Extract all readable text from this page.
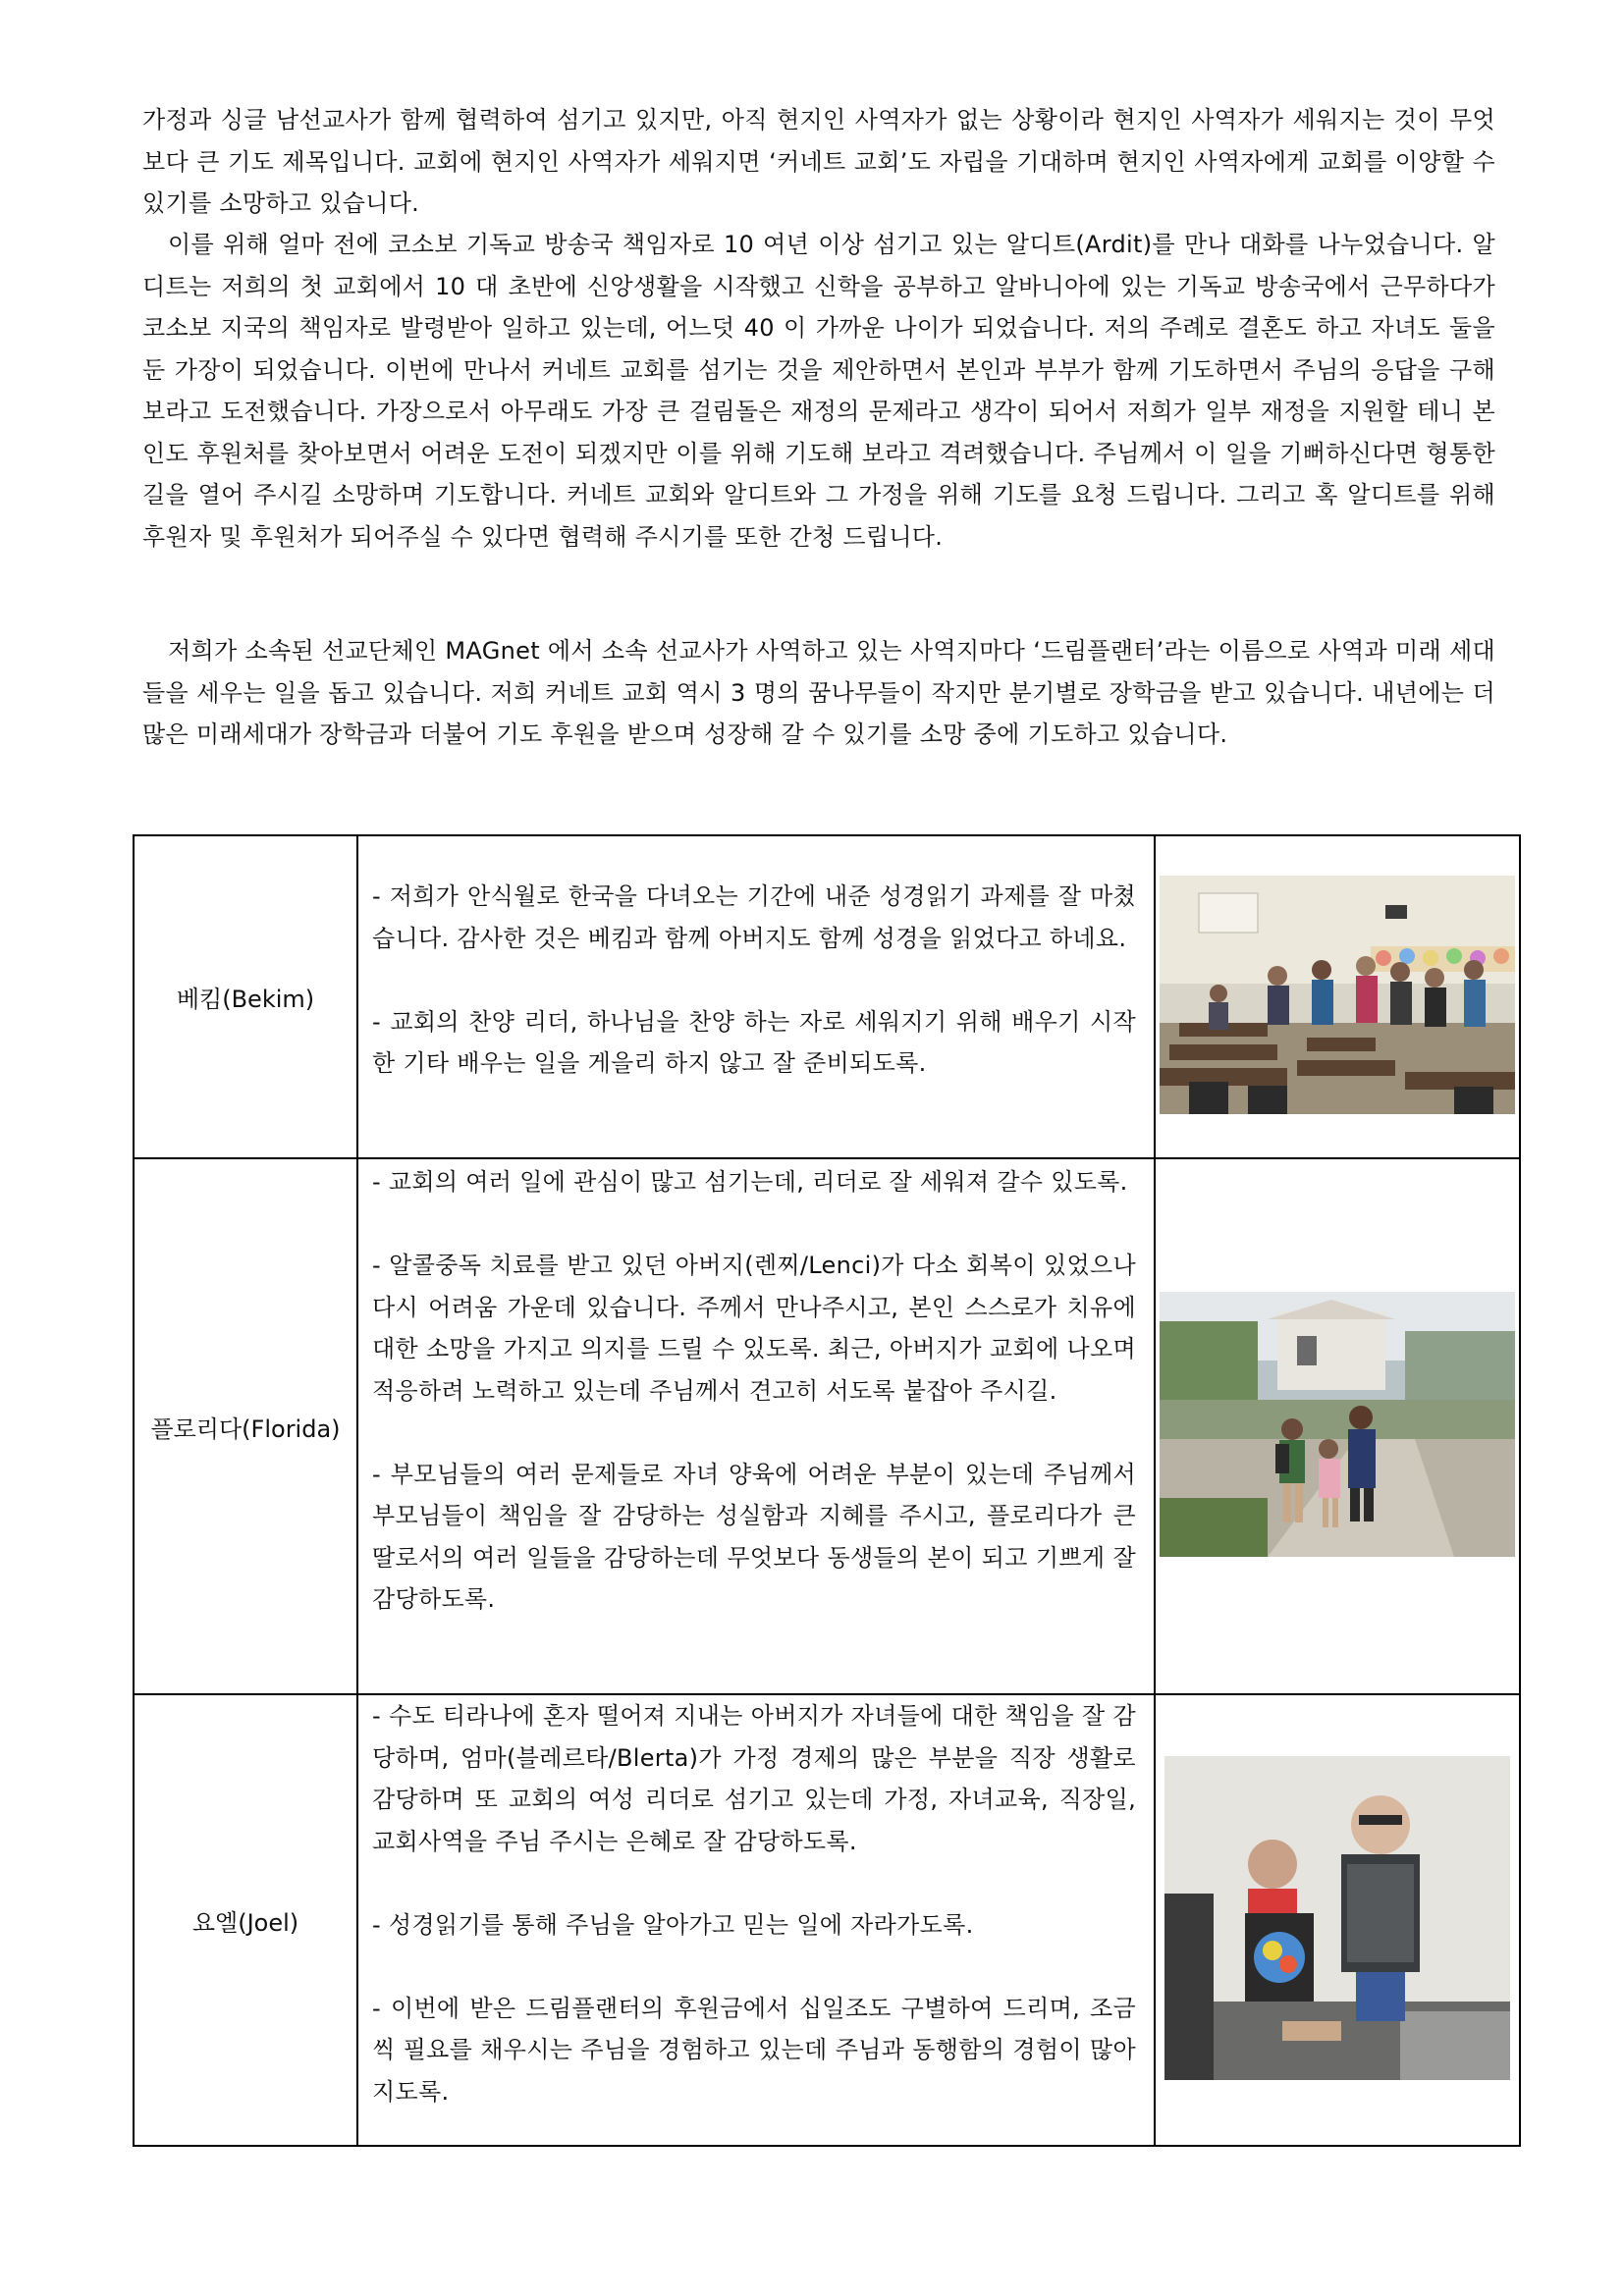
가정과 싱글 남선교사가 함께 협력하여 섬기고 있지만, 아직 현지인 사역자가 없는 상황이라 현지인 사역자가 세워지는 것이 무엇보다 큰 기도 제목입니다. 교회에 현지인 사역자가 세워지면 ‘커네트 교회’도 자립을 기대하며 현지인 사역자에게 교회를 이양할 수 있기를 소망하고 있습니다.

이를 위해 얼마 전에 코소보 기독교 방송국 책임자로 10 여년 이상 섬기고 있는 알디트(Ardit)를 만나 대화를 나누었습니다. 알디트는 저희의 첫 교회에서 10 대 초반에 신앙생활을 시작했고 신학을 공부하고 알바니아에 있는 기독교 방송국에서 근무하다가 코소보 지국의 책임자로 발령받아 일하고 있는데, 어느덧 40 이 가까운 나이가 되었습니다. 저의 주례로 결혼도 하고 자녀도 둘을 둔 가장이 되었습니다. 이번에 만나서 커네트 교회를 섬기는 것을 제안하면서 본인과 부부가 함께 기도하면서 주님의 응답을 구해보라고 도전했습니다. 가장으로서 아무래도 가장 큰 걸림돌은 재정의 문제라고 생각이 되어서 저희가 일부 재정을 지원할 테니 본인도 후원처를 찾아보면서 어려운 도전이 되겠지만 이를 위해 기도해 보라고 격려했습니다. 주님께서 이 일을 기뻐하신다면 형통한 길을 열어 주시길 소망하며 기도합니다. 커네트 교회와 알디트와 그 가정을 위해 기도를 요청 드립니다. 그리고 혹 알디트를 위해 후원자 및 후원처가 되어주실 수 있다면 협력해 주시기를 또한 간청 드립니다.

저희가 소속된 선교단체인 MAGnet 에서 소속 선교사가 사역하고 있는 사역지마다 ‘드림플랜터’라는 이름으로 사역과 미래 세대들을 세우는 일을 돕고 있습니다. 저희 커네트 교회 역시 3 명의 꿈나무들이 작지만 분기별로 장학금을 받고 있습니다. 내년에는 더 많은 미래세대가 장학금과 더불어 기도 후원을 받으며 성장해 갈 수 있기를 소망 중에 기도하고 있습니다.

베킴(Bekim)	- 저희가 안식월로 한국을 다녀오는 기간에 내준 성경읽기 과제를 잘 마쳤습니다. 감사한 것은 베킴과 함께 아버지도 함께 성경을 읽었다고 하네요.

- 교회의 찬양 리더, 하나님을 찬양 하는 자로 세워지기 위해 배우기 시작한 기타 배우는 일을 게을리 하지 않고 잘 준비되도록.

플로리다(Florida)	- 교회의 여러 일에 관심이 많고 섬기는데, 리더로 잘 세워져 갈수 있도록.

- 알콜중독 치료를 받고 있던 아버지(렌찌/Lenci)가 다소 회복이 있었으나 다시 어려움 가운데 있습니다. 주께서 만나주시고, 본인 스스로가 치유에 대한 소망을 가지고 의지를 드릴 수 있도록. 최근, 아버지가 교회에 나오며 적응하려 노력하고 있는데 주님께서 견고히 서도록 붙잡아 주시길.

- 부모님들의 여러 문제들로 자녀 양육에 어려운 부분이 있는데 주님께서 부모님들이 책임을 잘 감당하는 성실함과 지혜를 주시고, 플로리다가 큰 딸로서의 여러 일들을 감당하는데 무엇보다 동생들의 본이 되고 기쁘게 잘 감당하도록.

요엘(Joel)	- 수도 티라나에 혼자 떨어져 지내는 아버지가 자녀들에 대한 책임을 잘 감당하며, 엄마(블레르타/Blerta)가 가정 경제의 많은 부분을 직장 생활로 감당하며 또 교회의 여성 리더로 섬기고 있는데 가정, 자녀교육, 직장일, 교회사역을 주님 주시는 은혜로 잘 감당하도록.

- 성경읽기를 통해 주님을 알아가고 믿는 일에 자라가도록.

- 이번에 받은 드림플랜터의 후원금에서 십일조도 구별하여 드리며, 조금씩 필요를 채우시는 주님을 경험하고 있는데 주님과 동행함의 경험이 많아 지도록.
